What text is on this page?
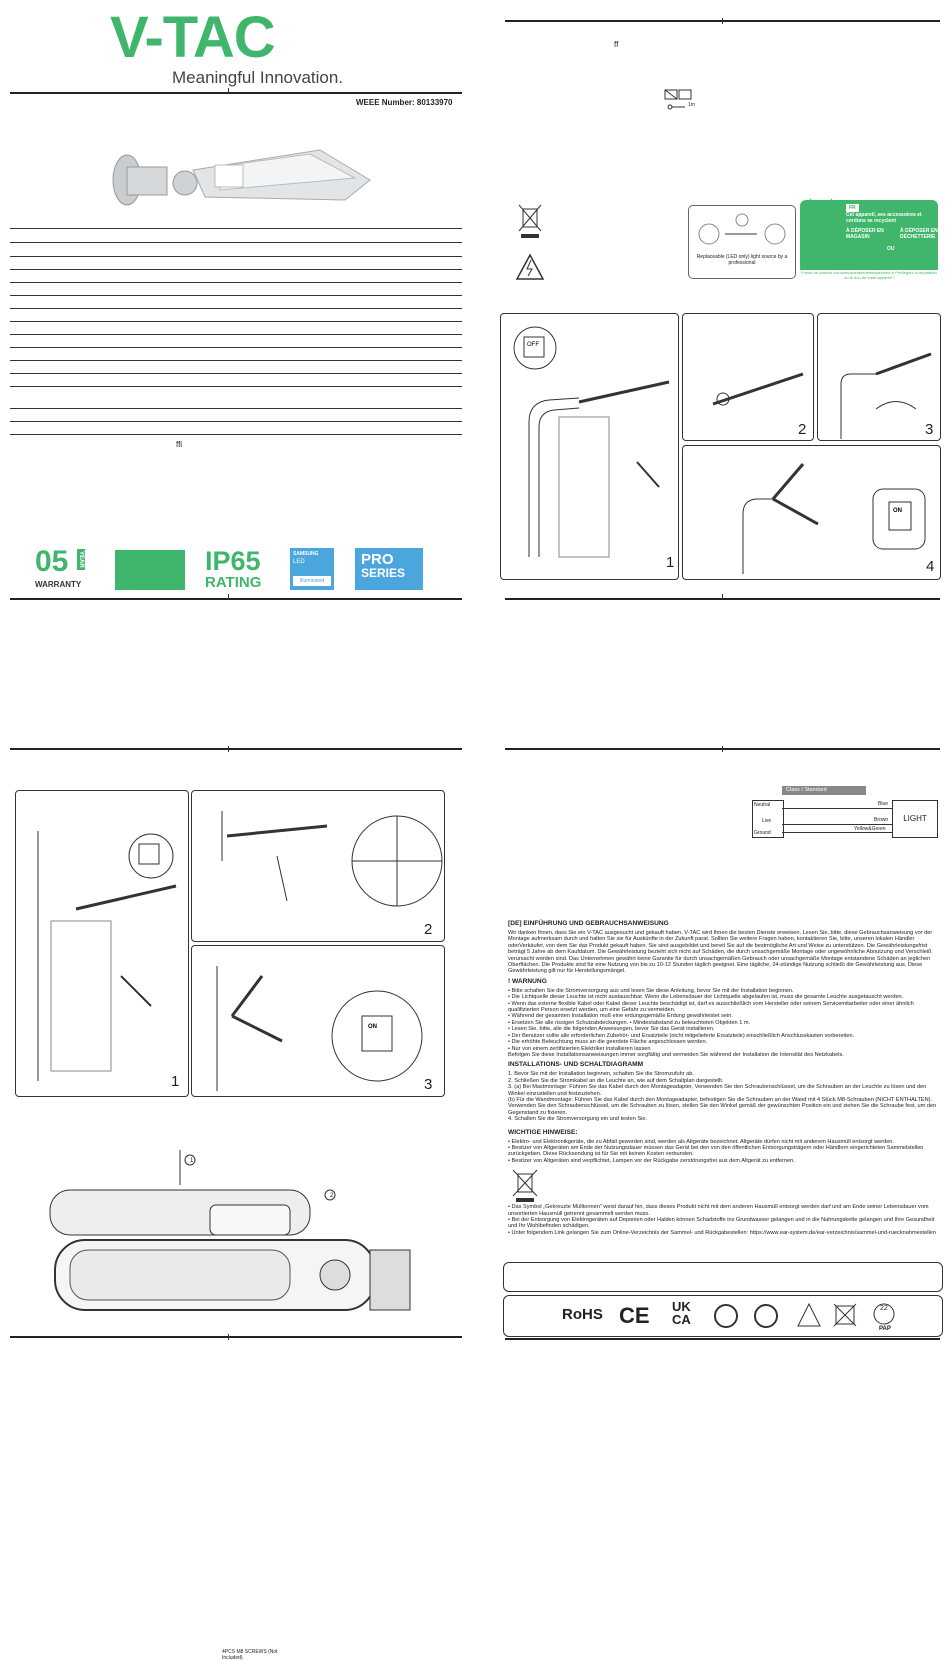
V-TAC
Meaningful Innovation.
WEEE Number: 80133970
ffi
05	YEAR
WARRANTY
IP65
RATING
SAMSUNG
LED
Illuminated
PRO
SERIES
ff
1m
Replaceable (LED only) light source by a professional
FR
Cet appareil, ses accessoires et cordons se recyclent
À DÉPOSER EN MAGASIN
OU
À DÉPOSER EN DÉCHETTERIE
Points de collecte sur www.quefairedemesdechets.fr Privilégiez la réparation ou le don de votre appareil !
OFF
1
2	3
ON
4
1
4PCS M8 SCREWS (Not Included)
2
ON
3
1
2
Class I Standard
Neutral
Live
Ground
Blue
Brown
Yellow&Green
LIGHT

[DE] EINFÜHRUNG UND GEBRAUCHSANWEISUNG

Wir danken Ihnen, dass Sie ein V-TAC ausgesucht und gekauft haben. V-TAC wird Ihnen die besten Dienste erweisen. Lesen Sie, bitte, diese Gebrauchsanweisung vor der Montage aufmerksam durch und halten Sie sie für Auskünfte in der Zukunft parat. Sollten Sie weitere Fragen haben, kontaktieren Sie, bitte, unseren lokalen Händler oderVerkäufer, von dem Sie das Produkt gekauft haben. Sie sind ausgebildet und bereit Sie auf die bestmögliche Art und Weise zu unterstützen. Die Gewährleistungsfrist beträgt 5 Jahre ab dem Kaufdatum. Die Gewährleistung bezieht sich nicht auf Schäden, die durch unsachgemäße Montage oder ungewöhnliche Abnutzung und Verschleiß verursacht worden sind. Das Unternehmen gewährt keine Garantie für durch unsachgemäßen Gebrauch oder unsachgemäße Montage entstandene Schäden an jeglichen Oberflächen. Die Produkte sind für eine Nutzung von bis zu 10-12 Stunden täglich geeignet. Eine tägliche, 24-stündige Nutzung schließt die Gewährleistung aus. Diese Gewährleistung gilt nur für Herstellungsmängel.

! WARNUNG

• Bitte schalten Sie die Stromversorgung aus und lesen Sie diese Anleitung, bevor Sie mit der Installation beginnen.
• Die Lichtquelle dieser Leuchte ist nicht austauschbar. Wenn die Lebensdauer der Lichtquelle abgelaufen ist, muss die gesamte Leuchte ausgetauscht werden.
• Wenn das externe flexible Kabel oder Kabel dieser Leuchte beschädigt ist, darf es ausschließlich vom Hersteller oder seinem Servicemitarbeiter oder einer ähnlich qualifizierten Person ersetzt werden, um eine Gefahr zu vermeiden.
• Während der gesamten Installation muß eine erdungsgemäße Erdung gewährleistet sein.
• Ersetzen Sie alle rissigen Schutzabdeckungen. • Mindestabstand zu beleuchteten Objekten 1 m.
• Lesen Sie, bitte, alle die folgenden Anweisungen, bevor Sie das Gerät installieren.
• Der Benutzer sollte alle erforderlichen Zubehör- und Ersatzteile (nicht mitgelieferte Ersatzteile) einschließlich Anschlusskasten vorbereiten.
• Die erhöhte Beleuchtung muss an die geerdete Fläche angeschlossen werden.
• Nur von einem zertifizierten Elektriker installieren lassen
Befolgen Sie diese Installationsanweisungen immer sorgfältig und vermeiden Sie während der Installation die Intensität des Netzkabels.

INSTALLATIONS- UND SCHALTDIAGRAMM

1. Bevor Sie mit der Installation beginnen, schalten Sie die Stromzufuhr ab.
2. Schließen Sie die Stromkabel an die Leuchte an, wie auf dem Schaltplan dargestellt.
3. (a) Bei Mastmontage: Führen Sie das Kabel durch den Montageadapter, Verwenden Sie den Schraubenschlüssel, um die Schrauben an der Leuchte zu lösen und den Winkel einzustellen und festzuziehen.
(b) Für die Wandmontage: Führen Sie das Kabel durch den Montageadapter, befestigen Sie die Schrauben an der Wand mit 4 Stück M8-Schrauben (NICHT ENTHALTEN). Verwenden Sie den Schraubenschlüssel, um die Schrauben zu lösen, stellen Sie den Winkel gemäß der gewünschten Position ein und ziehen Sie die Schraube fest, um den Gegenstand zu fixieren.
4. Schalten Sie die Stromversorgung ein und testen Sie.

WICHTIGE HINWEISE:

• Elektro- und Elektronikgeräte, die zu Abfall geworden sind, werden als Altgeräte bezeichnet. Altgeräte dürfen nicht mit anderem Hausmüll entsorgt werden.
• Besitzer von Altgeräten am Ende der Nutzungsdauer müssen das Gerät bei den von den öffentlichen Entsorgungsträgern oder Händlern eingerichteten Sammelstellen zurückgeben. Diese Rücksendung ist für Sie mit keinen Kosten verbunden.
• Besitzer von Altgeräten sind verpflichtet, Lampen vor der Rückgabe zerstörungsfrei aus dem Altgerät zu entfernen.
• Das Symbol „Gekreuzte Mülltonnen" weist darauf hin, dass dieses Produkt nicht mit dem anderen Hausmüll entsorgt werden darf und am Ende seiner Lebensdauer vom unsortierten Hausmüll getrennt gesammelt werden muss.
• Bei der Entsorgung von Elektrogeräten auf Deponien oder Halden können Schadstoffe ins Grundwasser gelangen und in die Nahrungskette gelangen und Ihre Gesundheit und Ihr Wohlbefinden schädigen.
• Unter folgendem Link gelangen Sie zum Online-Verzeichnis der Sammel- und Rückgabestellen: https://www.ear-system.de/ear-verzeichnis/sammel-und-ruecknahmestellen
RoHS CE UK
CA
22
PAP
